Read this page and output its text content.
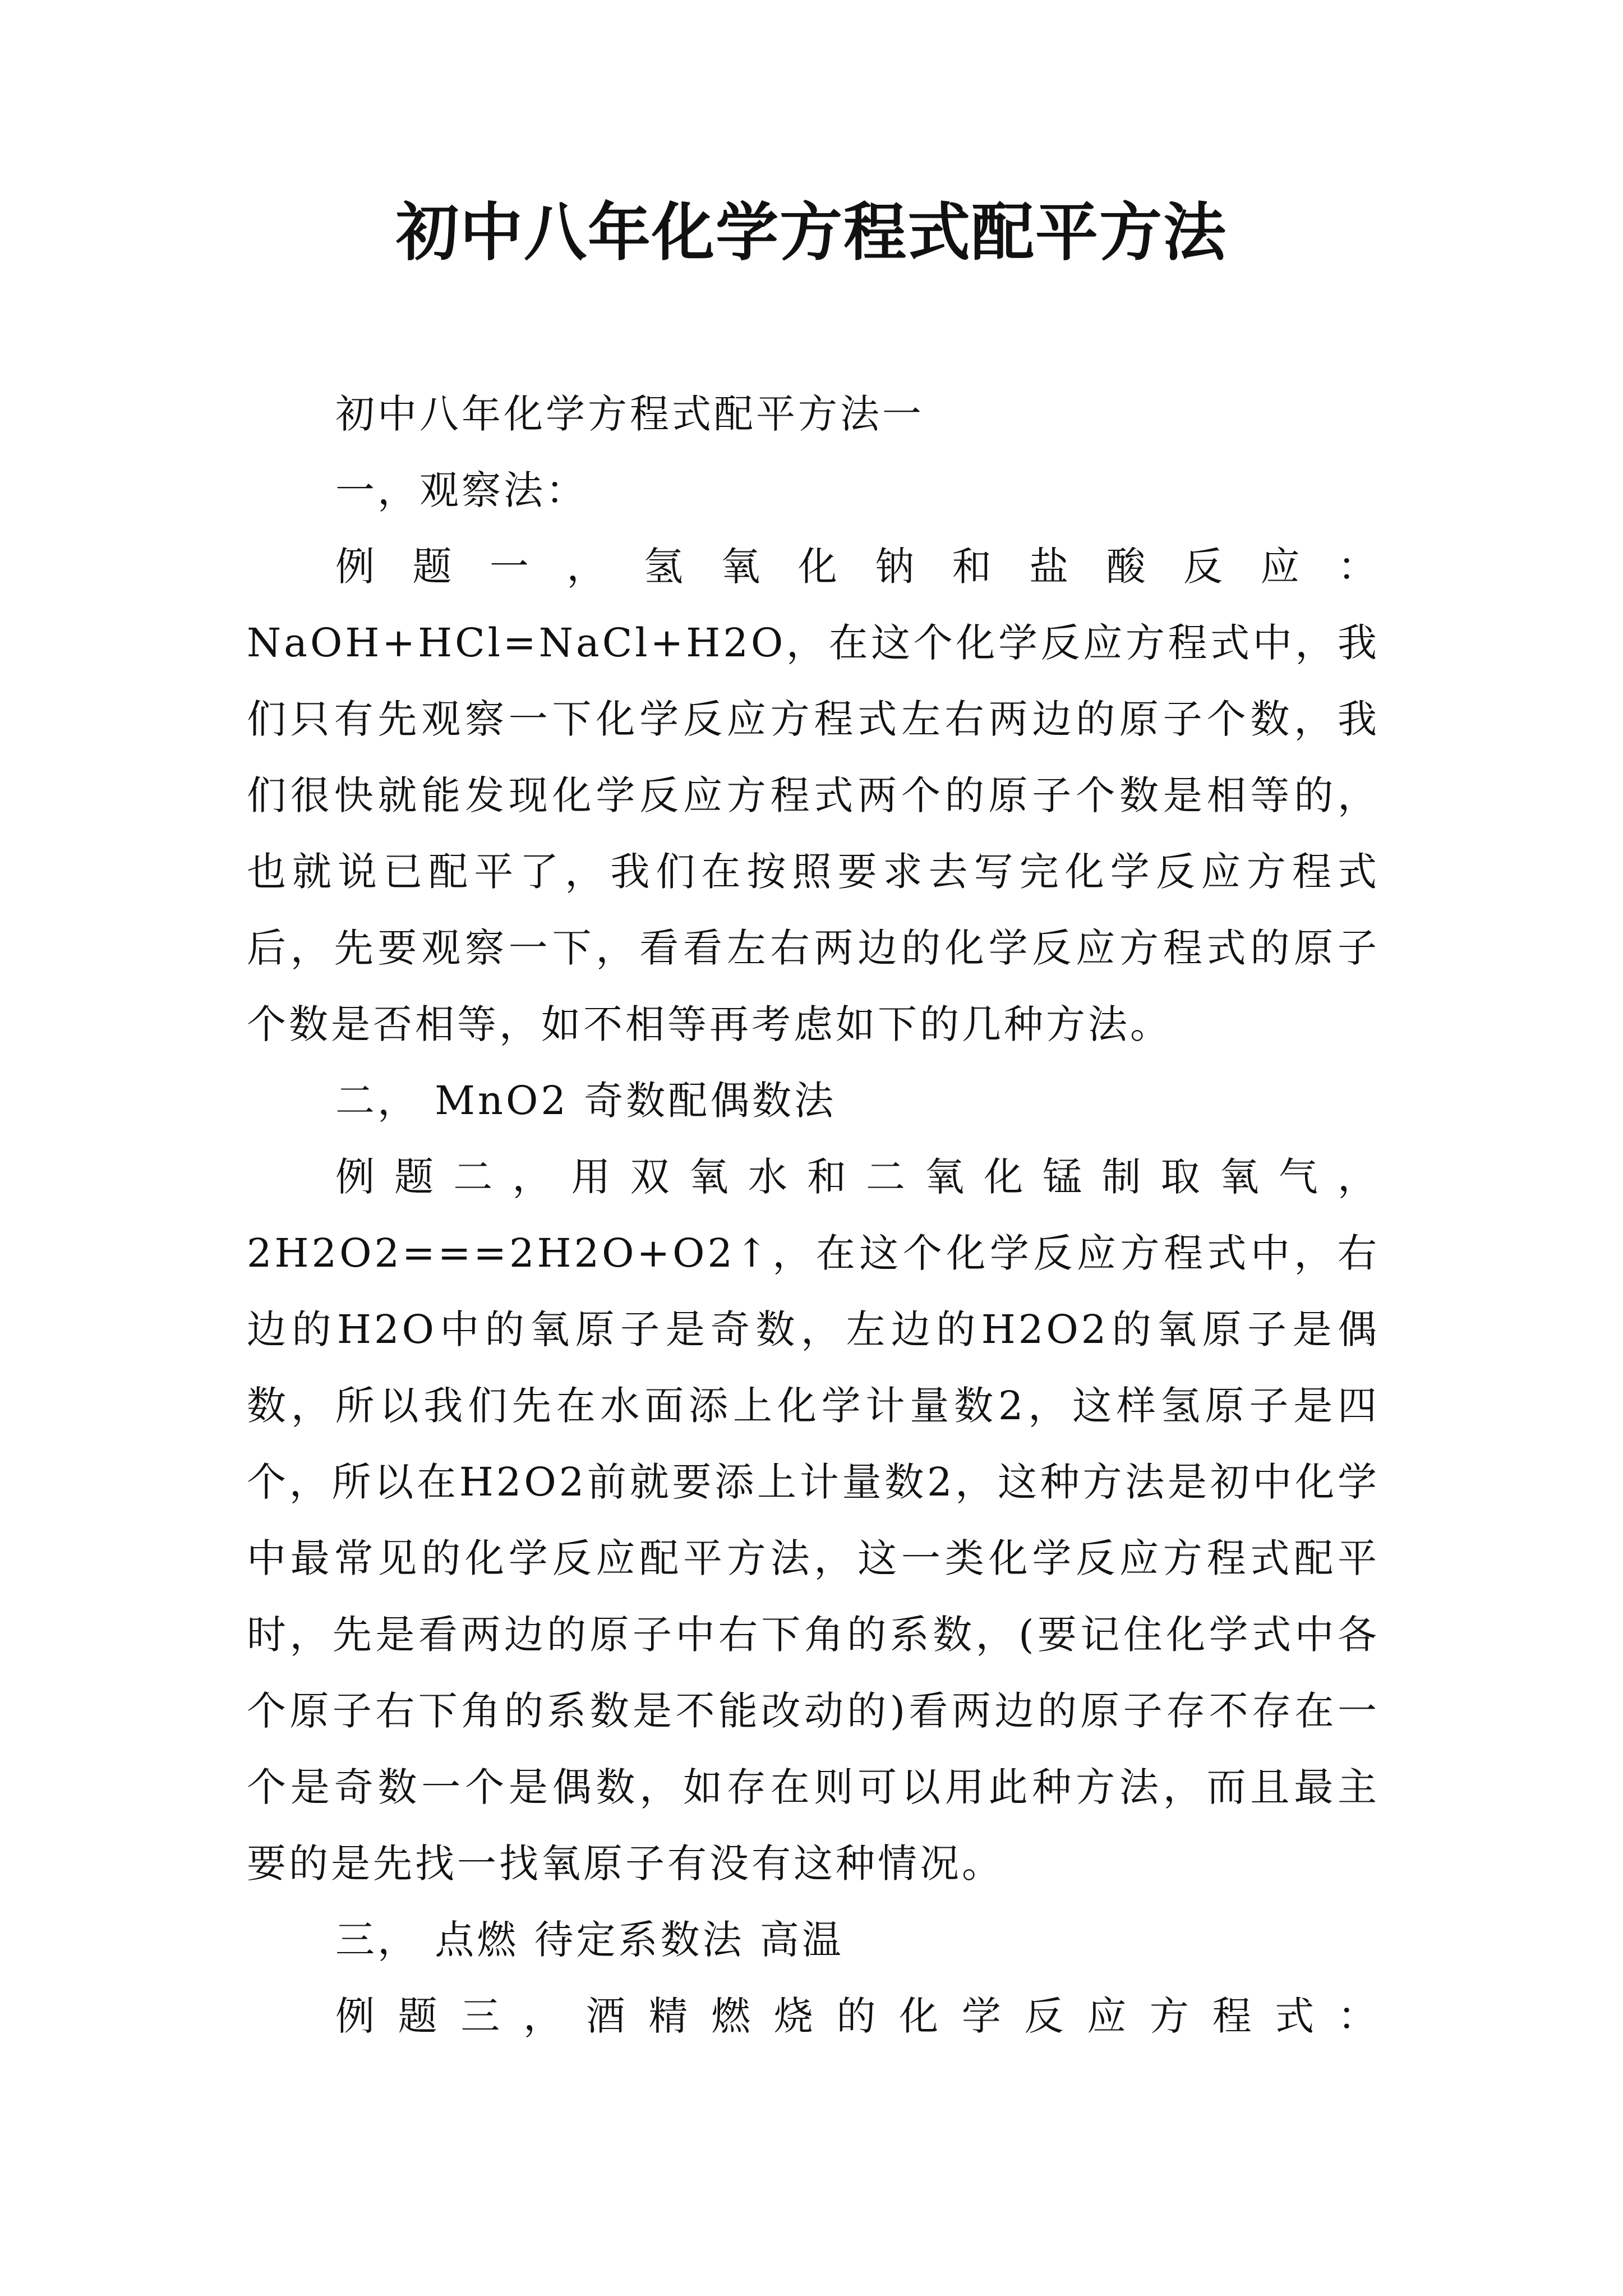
初中八年化学方程式配平方法

初中八年化学方程式配平方法一

一，观察法：

例题一，氢氧化钠和盐酸反应：NaOH+HCl=NaCl+H2O，在这个化学反应方程式中，我们只有先观察一下化学反应方程式左右两边的原子个数，我们很快就能发现化学反应方程式两个的原子个数是相等的，也就说已配平了，我们在按照要求去写完化学反应方程式后，先要观察一下，看看左右两边的化学反应方程式的原子个数是否相等，如不相等再考虑如下的几种方法。

二， MnO2 奇数配偶数法

例题二，用双氧水和二氧化锰制取氧气，2H2O2===2H2O+O2↑，在这个化学反应方程式中，右边的H2O中的氧原子是奇数，左边的H2O2的氧原子是偶数，所以我们先在水面添上化学计量数2，这样氢原子是四个，所以在H2O2前就要添上计量数2，这种方法是初中化学中最常见的化学反应配平方法，这一类化学反应方程式配平时，先是看两边的原子中右下角的系数，(要记住化学式中各个原子右下角的系数是不能改动的)看两边的原子存不存在一个是奇数一个是偶数，如存在则可以用此种方法，而且最主要的是先找一找氧原子有没有这种情况。

三， 点燃 待定系数法 高温

例题三，酒精燃烧的化学反应方程式：
